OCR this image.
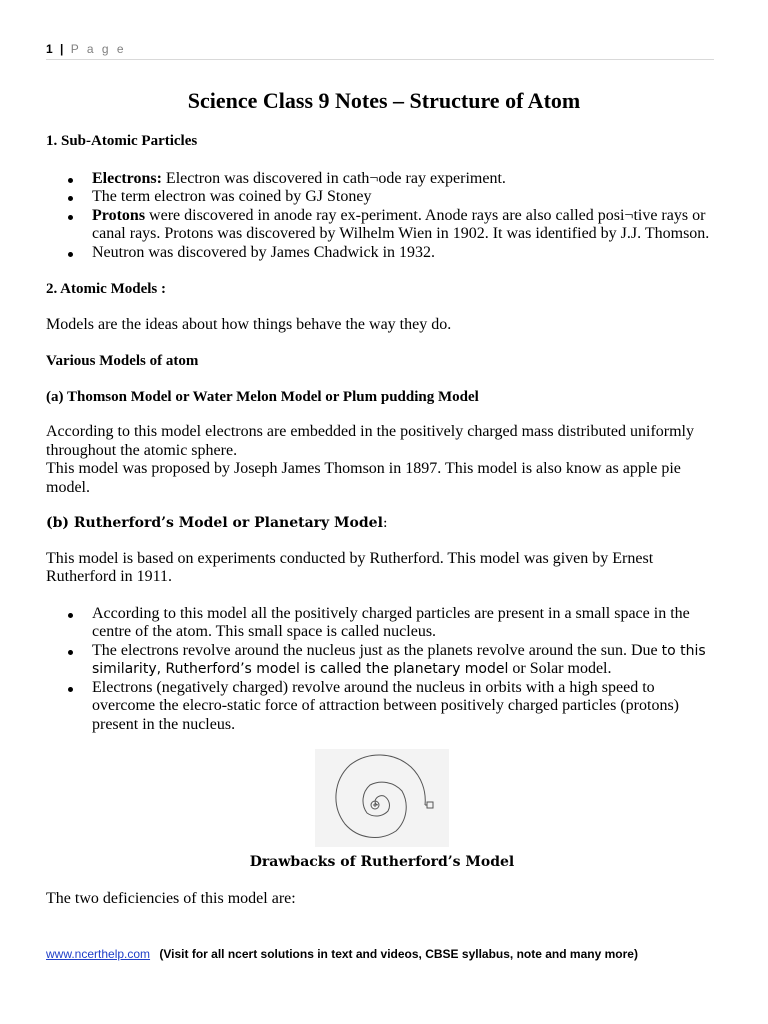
1 | P a g e
Science Class 9 Notes – Structure of Atom

1. Sub-Atomic Particles

Electrons: Electron was discovered in cath¬ode ray experiment.
The term electron was coined by GJ Stoney
Protons were discovered in anode ray ex-periment. Anode rays are also called posi¬tive rays or canal rays. Protons was discovered by Wilhelm Wien in 1902. It was identified by J.J. Thomson.
Neutron was discovered by James Chadwick in 1932.

2. Atomic Models :

Models are the ideas about how things behave the way they do.

Various Models of atom

(a) Thomson Model or Water Melon Model or Plum pudding Model

According to this model electrons are embedded in the positively charged mass distributed uniformly throughout the atomic sphere.

This model was proposed by Joseph James Thomson in 1897. This model is also know as apple pie model.

(b) Rutherford’s Model or Planetary Model:

This model is based on experiments conducted by Rutherford. This model was given by Ernest Rutherford in 1911.

According to this model all the positively charged particles are present in a small space in the centre of the atom. This small space is called nucleus.
The electrons revolve around the nucleus just as the planets revolve around the sun. Due to this similarity, Rutherford’s model is called the planetary model or Solar model.
Electrons (negatively charged) revolve around the nucleus in orbits with a high speed to overcome the elecro-static force of attraction between positively charged particles (protons) present in the nucleus.

Drawbacks of Rutherford’s Model

The two deficiencies of this model are:

www.ncerthelp.com (Visit for all ncert solutions in text and videos, CBSE syllabus, note and many more)
